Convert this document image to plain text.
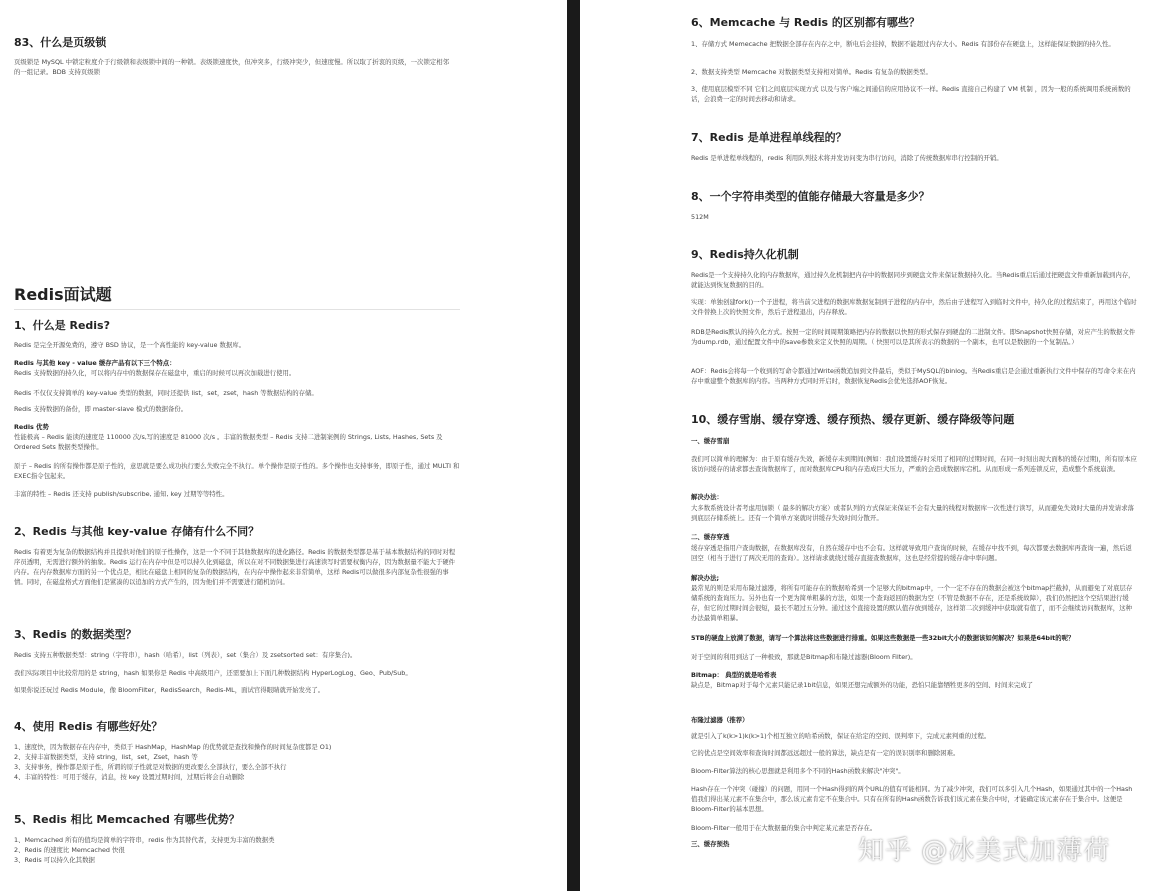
83、什么是页级锁

页级锁是 MySQL 中锁定粒度介于行级锁和表级锁中间的一种锁。表级锁速度快，但冲突多，行级冲突少，但速度慢。所以取了折衷的页级，一次锁定相邻的一组记录。BDB 支持页级锁

Redis面试题
1、什么是 Redis?

Redis 是完全开源免费的，遵守 BSD 协议，是一个高性能的 key-value 数据库。

Redis 与其他 key - value 缓存产品有以下三个特点：

Redis 支持数据的持久化，可以将内存中的数据保存在磁盘中，重启的时候可以再次加载进行使用。

Redis 不仅仅支持简单的 key-value 类型的数据，同时还提供 list，set，zset，hash 等数据结构的存储。

Redis 支持数据的备份，即 master-slave 模式的数据备份。

Redis 优势

性能极高 – Redis 能读的速度是 110000 次/s,写的速度是 81000 次/s 。丰富的数据类型 – Redis 支持二进制案例的 Strings, Lists, Hashes, Sets 及 Ordered Sets 数据类型操作。

原子 – Redis 的所有操作都是原子性的，意思就是要么成功执行要么失败完全不执行。单个操作是原子性的。多个操作也支持事务，即原子性，通过 MULTI 和 EXEC指令包起来。

丰富的特性 – Redis 还支持 publish/subscribe, 通知, key 过期等等特性。

2、Redis 与其他 key-value 存储有什么不同？

Redis 有着更为复杂的数据结构并且提供对他们的原子性操作，这是一个不同于其他数据库的进化路径。Redis 的数据类型都是基于基本数据结构的同时对程序员透明，无需进行额外的抽象。Redis 运行在内存中但是可以持久化到磁盘，所以在对不同数据集进行高速读写时需要权衡内存，因为数据量不能大于硬件内存。在内存数据库方面的另一个优点是，相比在磁盘上相同的复杂的数据结构，在内存中操作起来非常简单，这样 Redis可以做很多内部复杂性很强的事情。同时，在磁盘格式方面他们是紧凑的以追加的方式产生的，因为他们并不需要进行随机访问。

3、Redis 的数据类型？

Redis 支持五种数据类型：string（字符串），hash（哈希），list（列表），set（集合）及 zsetsorted set：有序集合)。

我们实际项目中比较常用的是 string，hash 如果你是 Redis 中高级用户，还需要加上下面几种数据结构 HyperLogLog、Geo、Pub/Sub。

如果你说还玩过 Redis Module，像 BloomFilter，RedisSearch，Redis-ML，面试官得眼睛就开始发亮了。

4、使用 Redis 有哪些好处？

1、速度快，因为数据存在内存中，类似于 HashMap，HashMap 的优势就是查找和操作的时间复杂度都是 O1)

2、支持丰富数据类型，支持 string，list，set，Zset，hash 等

3、支持事务，操作都是原子性，所谓的原子性就是对数据的更改要么全部执行，要么全部不执行

4、丰富的特性：可用于缓存，消息，按 key 设置过期时间，过期后将会自动删除

5、Redis 相比 Memcached 有哪些优势？

1、Memcached 所有的值均是简单的字符串，redis 作为其替代者，支持更为丰富的数据类

2、Redis 的速度比 Memcached 快很

3、Redis 可以持久化其数据

6、Memcache 与 Redis 的区别都有哪些？

1、存储方式 Memecache 把数据全部存在内存之中，断电后会挂掉，数据不能超过内存大小。Redis 有部份存在硬盘上，这样能保证数据的持久性。

2、数据支持类型 Memcache 对数据类型支持相对简单。Redis 有复杂的数据类型。

3、使用底层模型不同 它们之间底层实现方式 以及与客户端之间通信的应用协议不一样。Redis 直接自己构建了 VM 机制 ，因为一般的系统调用系统函数的话，会浪费一定的时间去移动和请求。

7、Redis 是单进程单线程的？

Redis 是单进程单线程的，redis 利用队列技术将并发访问变为串行访问，消除了传统数据库串行控制的开销。

8、一个字符串类型的值能存储最大容量是多少？

512M

9、Redis持久化机制

Redis是一个支持持久化的内存数据库，通过持久化机制把内存中的数据同步到硬盘文件来保证数据持久化。当Redis重启后通过把硬盘文件重新加载到内存，就能达到恢复数据的目的。

实现：单独创建fork()一个子进程，将当前父进程的数据库数据复制到子进程的内存中，然后由子进程写入到临时文件中，持久化的过程结束了，再用这个临时文件替换上次的快照文件，然后子进程退出，内存释放。

RDB是Redis默认的持久化方式。按照一定的时间周期策略把内存的数据以快照的形式保存到硬盘的二进制文件。即Snapshot快照存储，对应产生的数据文件为dump.rdb，通过配置文件中的save参数来定义快照的周期。（ 快照可以是其所表示的数据的一个副本，也可以是数据的一个复制品。）

AOF：Redis会将每一个收到的写命令都通过Write函数追加到文件最后，类似于MySQL的binlog。当Redis重启是会通过重新执行文件中保存的写命令来在内存中重建整个数据库的内容。当两种方式同时开启时，数据恢复Redis会优先选择AOF恢复。

10、缓存雪崩、缓存穿透、缓存预热、缓存更新、缓存降级等问题

一、缓存雪崩

我们可以简单的理解为：由于原有缓存失效，新缓存未到期间(例如：我们设置缓存时采用了相同的过期时间，在同一时刻出现大面积的缓存过期)，所有原本应该访问缓存的请求都去查询数据库了，而对数据库CPU和内存造成巨大压力，严重的会造成数据库宕机。从而形成一系列连锁反应，造成整个系统崩溃。

解决办法：

大多数系统设计者考虑用加锁（ 最多的解决方案）或者队列的方式保证来保证不会有大量的线程对数据库一次性进行读写，从而避免失效时大量的并发请求落到底层存储系统上。还有一个简单方案就时讲缓存失效时间分散开。

二、缓存穿透

缓存穿透是指用户查询数据，在数据库没有，自然在缓存中也不会有。这样就导致用户查询的时候，在缓存中找不到，每次都要去数据库再查询一遍，然后返回空（相当于进行了两次无用的查询）。这样请求就绕过缓存直接查数据库，这也是经常提的缓存命中率问题。

解决办法;

最常见的则是采用布隆过滤器，将所有可能存在的数据哈希到一个足够大的bitmap中，一个一定不存在的数据会被这个bitmap拦截掉，从而避免了对底层存储系统的查询压力。另外也有一个更为简单粗暴的方法，如果一个查询返回的数据为空（不管是数据不存在，还是系统故障），我们仍然把这个空结果进行缓存，但它的过期时间会很短，最长不超过五分钟。通过这个直接设置的默认值存放到缓存，这样第二次到缓冲中获取就有值了，而不会继续访问数据库，这种办法最简单粗暴。

5TB的硬盘上放满了数据，请写一个算法将这些数据进行排重。如果这些数据是一些32bit大小的数据该如何解决？如果是64bit的呢？

对于空间的利用到达了一种极致，那就是Bitmap和布隆过滤器(Bloom Filter)。

Bitmap： 典型的就是哈希表

缺点是，Bitmap对于每个元素只能记录1bit信息，如果还想完成额外的功能，恐怕只能靠牺牲更多的空间、时间来完成了

布隆过滤器（推荐）

就是引入了k(k>1)k(k>1)个相互独立的哈希函数，保证在给定的空间、误判率下，完成元素判重的过程。

它的优点是空间效率和查询时间都远远超过一般的算法，缺点是有一定的误识别率和删除困难。

Bloom-Filter算法的核心思想就是利用多个不同的Hash函数来解决"冲突"。

Hash存在一个冲突（碰撞）的问题，用同一个Hash得到的两个URL的值有可能相同。为了减少冲突，我们可以多引入几个Hash，如果通过其中的一个Hash值我们得出某元素不在集合中，那么该元素肯定不在集合中。只有在所有的Hash函数告诉我们该元素在集合中时，才能确定该元素存在于集合中。这便是Bloom-Filter的基本思想。

Bloom-Filter一般用于在大数据量的集合中判定某元素是否存在。

三、缓存预热	知乎 @冰美式加薄荷
